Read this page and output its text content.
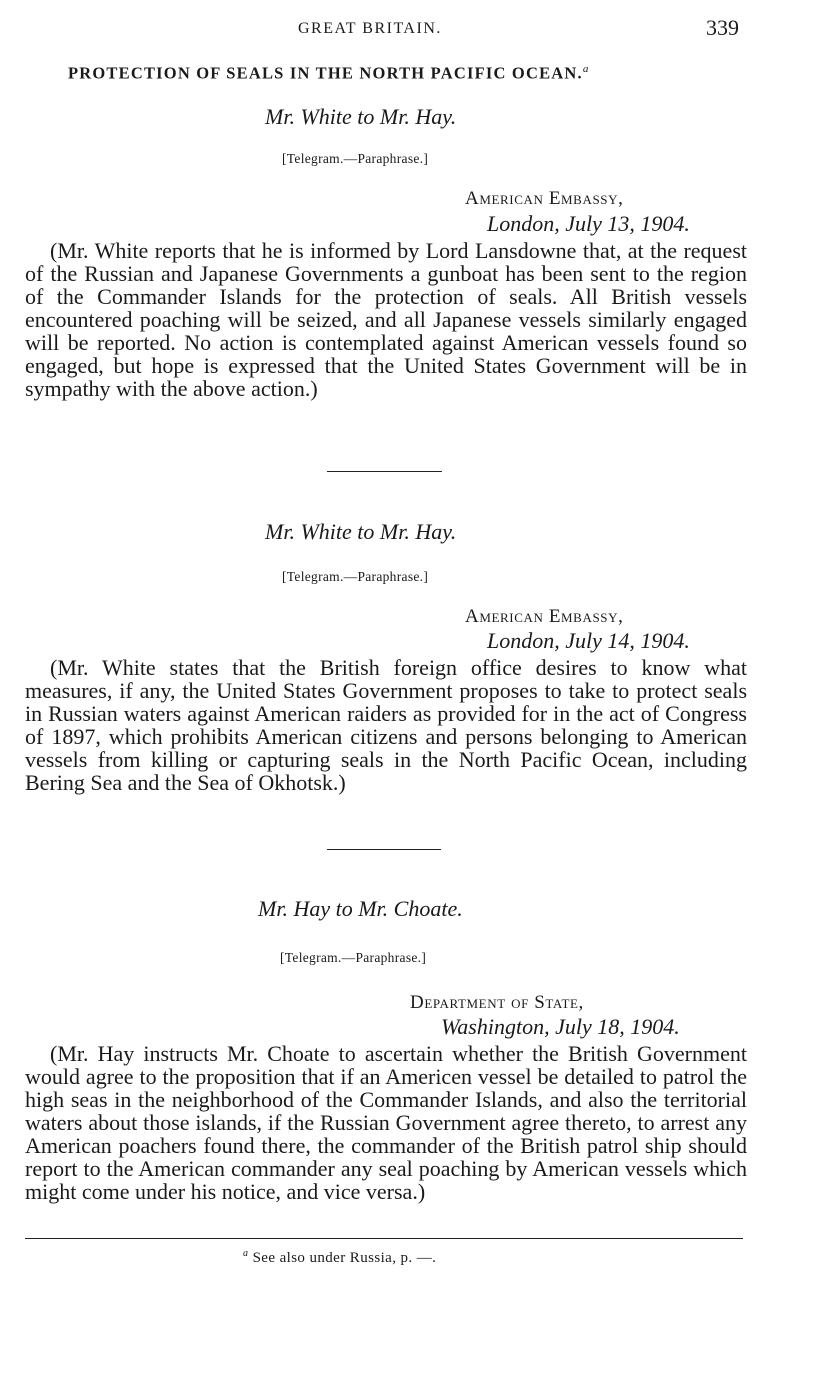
GREAT BRITAIN.	339
PROTECTION OF SEALS IN THE NORTH PACIFIC OCEAN.$^a$
Mr. White to Mr. Hay.
[Telegram.—Paraphrase.]
American Embassy,
London, July 13, 1904.
(Mr. White reports that he is informed by Lord Lansdowne that, at the request of the Russian and Japanese Governments a gunboat has been sent to the region of the Commander Islands for the protection of seals. All British vessels encountered poaching will be seized, and all Japanese vessels similarly engaged will be reported. No action is contemplated against American vessels found so engaged, but hope is expressed that the United States Government will be in sympathy with the above action.)
Mr. White to Mr. Hay.
[Telegram.—Paraphrase.]
American Embassy,
London, July 14, 1904.
(Mr. White states that the British foreign office desires to know what measures, if any, the United States Government proposes to take to protect seals in Russian waters against American raiders as provided for in the act of Congress of 1897, which prohibits American citizens and persons belonging to American vessels from killing or capturing seals in the North Pacific Ocean, including Bering Sea and the Sea of Okhotsk.)
Mr. Hay to Mr. Choate.
[Telegram.—Paraphrase.]
Department of State,
Washington, July 18, 1904.
(Mr. Hay instructs Mr. Choate to ascertain whether the British Government would agree to the proposition that if an Americen vessel be detailed to patrol the high seas in the neighborhood of the Commander Islands, and also the territorial waters about those islands, if the Russian Government agree thereto, to arrest any American poachers found there, the commander of the British patrol ship should report to the American commander any seal poaching by American vessels which might come under his notice, and vice versa.)
$^a$ See also under Russia, p. —.
